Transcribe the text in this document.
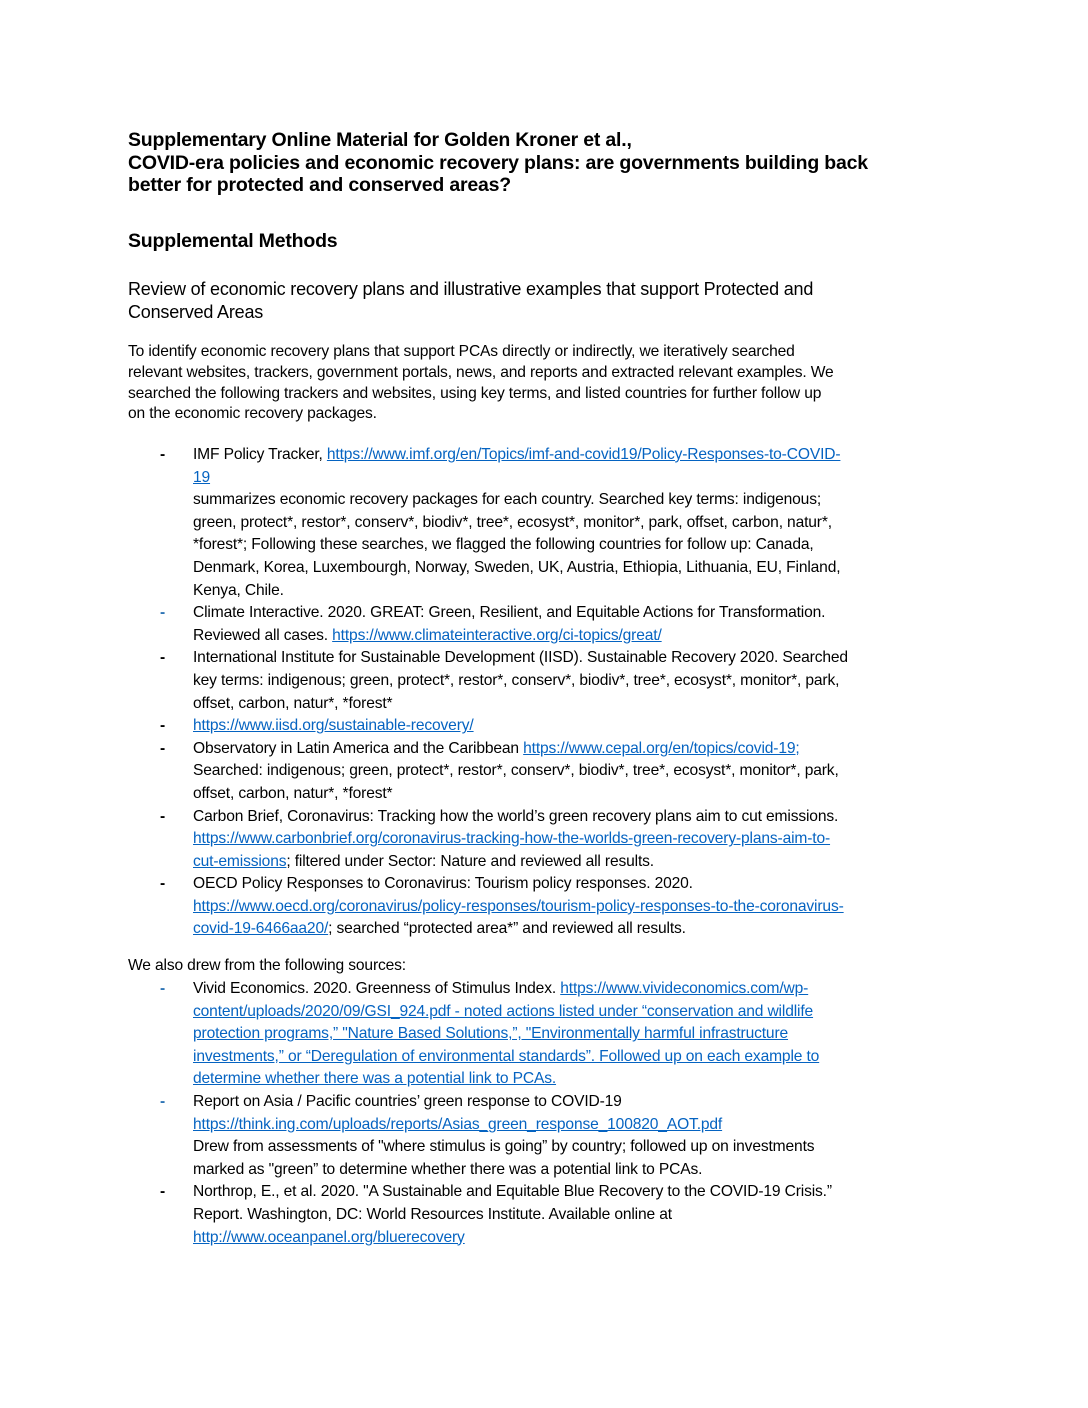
Supplementary Online Material for Golden Kroner et al.,
COVID-era policies and economic recovery plans: are governments building back
better for protected and conserved areas?
Supplemental Methods
Review of economic recovery plans and illustrative examples that support Protected and
Conserved Areas
To identify economic recovery plans that support PCAs directly or indirectly, we iteratively searched
relevant websites, trackers, government portals, news, and reports and extracted relevant examples. We
searched the following trackers and websites, using key terms, and listed countries for further follow up
on the economic recovery packages.
-	IMF Policy Tracker, https://www.imf.org/en/Topics/imf-and-covid19/Policy-Responses-to-COVID-
19
summarizes economic recovery packages for each country. Searched key terms: indigenous;
green, protect*, restor*, conserv*, biodiv*, tree*, ecosyst*, monitor*, park, offset, carbon, natur*,
*forest*; Following these searches, we flagged the following countries for follow up: Canada,
Denmark, Korea, Luxembourgh, Norway, Sweden, UK, Austria, Ethiopia, Lithuania, EU, Finland,
Kenya, Chile.
-	Climate Interactive. 2020. GREAT: Green, Resilient, and Equitable Actions for Transformation.
Reviewed all cases. https://www.climateinteractive.org/ci-topics/great/
-	International Institute for Sustainable Development (IISD). Sustainable Recovery 2020. Searched
key terms: indigenous; green, protect*, restor*, conserv*, biodiv*, tree*, ecosyst*, monitor*, park,
offset, carbon, natur*, *forest*
-	https://www.iisd.org/sustainable-recovery/
-	Observatory in Latin America and the Caribbean https://www.cepal.org/en/topics/covid-19;
Searched: indigenous; green, protect*, restor*, conserv*, biodiv*, tree*, ecosyst*, monitor*, park,
offset, carbon, natur*, *forest*
-	Carbon Brief, Coronavirus: Tracking how the world’s green recovery plans aim to cut emissions.
https://www.carbonbrief.org/coronavirus-tracking-how-the-worlds-green-recovery-plans-aim-to-
cut-emissions; filtered under Sector: Nature and reviewed all results.
-	OECD Policy Responses to Coronavirus: Tourism policy responses. 2020.
https://www.oecd.org/coronavirus/policy-responses/tourism-policy-responses-to-the-coronavirus-
covid-19-6466aa20/; searched “protected area*” and reviewed all results.
We also drew from the following sources:
-	Vivid Economics. 2020. Greenness of Stimulus Index. https://www.vivideconomics.com/wp-
content/uploads/2020/09/GSI_924.pdf - noted actions listed under “conservation and wildlife
protection programs,” "Nature Based Solutions,”, "Environmentally harmful infrastructure
investments,” or “Deregulation of environmental standards”. Followed up on each example to
determine whether there was a potential link to PCAs.
-	Report on Asia / Pacific countries’ green response to COVID-19
https://think.ing.com/uploads/reports/Asias_green_response_100820_AOT.pdf
Drew from assessments of "where stimulus is going” by country; followed up on investments
marked as "green” to determine whether there was a potential link to PCAs.
-	Northrop, E., et al. 2020. "A Sustainable and Equitable Blue Recovery to the COVID-19 Crisis.”
Report. Washington, DC: World Resources Institute. Available online at
http://www.oceanpanel.org/bluerecovery
